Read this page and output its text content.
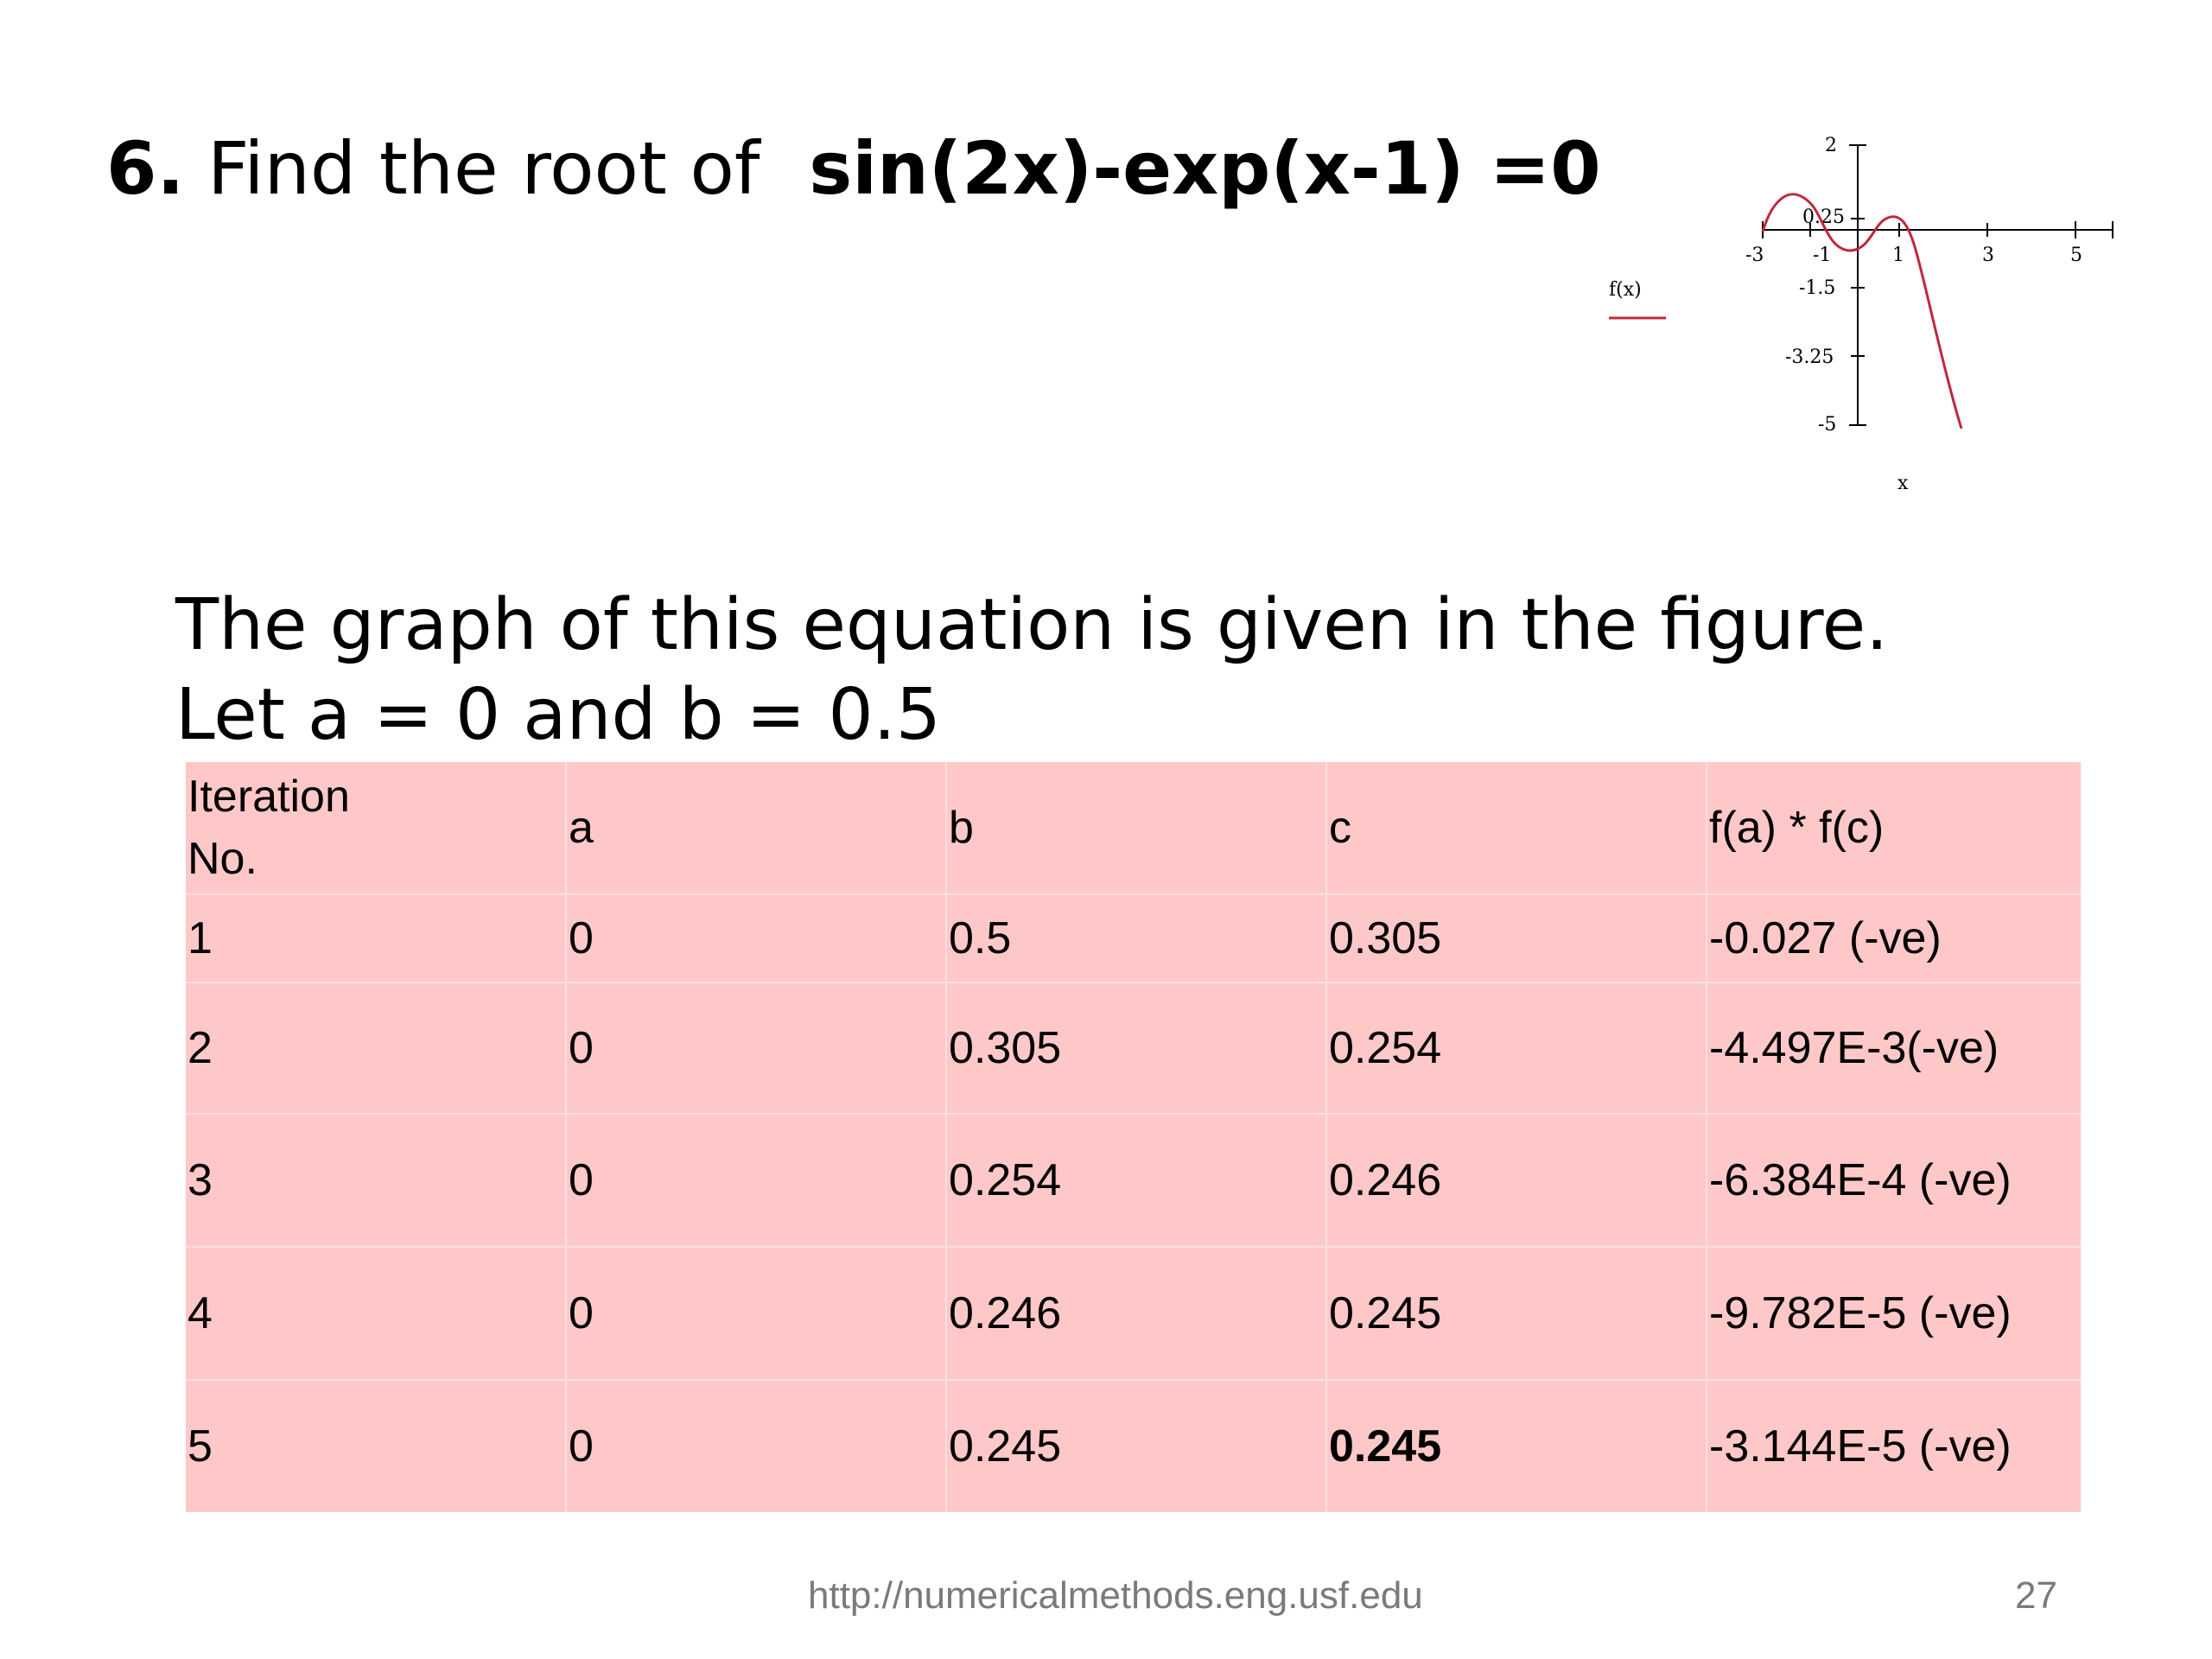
6. Find the root of sin(2x)-exp(x-1) =0
f(x)
-3	-1	1	3	5
2
0.25
-1.5
-3.25
-5
x
The graph of this equation is given in the figure.
Let a = 0 and b = 0.5
Iteration
No.	a	b	c	f(a) * f(c)
1	0	0.5	0.305	-0.027 (-ve)
2	0	0.305	0.254	-4.497E-3(-ve)
3	0	0.254	0.246	-6.384E-4 (-ve)
4	0	0.246	0.245	-9.782E-5 (-ve)
5	0	0.245	0.245	-3.144E-5 (-ve)
http://numericalmethods.eng.usf.edu	27
